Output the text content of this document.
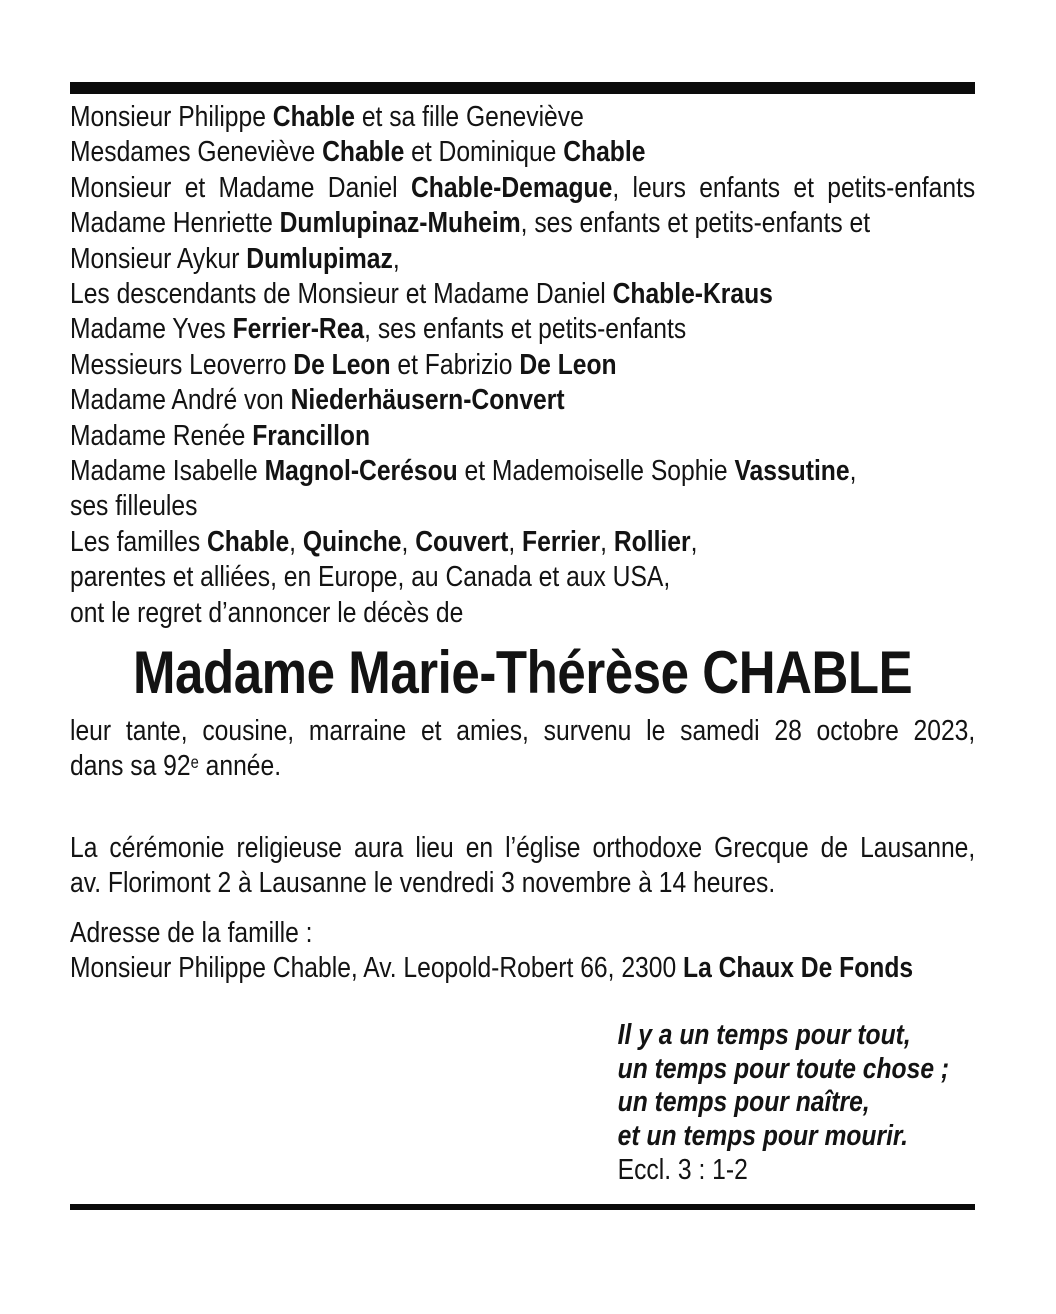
Monsieur Philippe Chable et sa fille Geneviève
Mesdames Geneviève Chable et Dominique Chable
Monsieur et Madame Daniel Chable-Demague, leurs enfants et petits-enfants
Madame Henriette Dumlupinaz-Muheim, ses enfants et petits-enfants et
Monsieur Aykur Dumlupimaz,
Les descendants de Monsieur et Madame Daniel Chable-Kraus
Madame Yves Ferrier-Rea, ses enfants et petits-enfants
Messieurs Leoverro De Leon et Fabrizio De Leon
Madame André von Niederhäusern-Convert
Madame Renée Francillon
Madame Isabelle Magnol-Cerésou et Mademoiselle Sophie Vassutine,
ses filleules
Les familles Chable, Quinche, Couvert, Ferrier, Rollier,
parentes et alliées, en Europe, au Canada et aux USA,
ont le regret d’annoncer le décès de
Madame Marie-Thérèse CHABLE
leur tante, cousine, marraine et amies, survenu le samedi 28 octobre 2023,
dans sa 92e année.
La cérémonie religieuse aura lieu en l’église orthodoxe Grecque de Lausanne,
av. Florimont 2 à Lausanne le vendredi 3 novembre à 14 heures.
Adresse de la famille :
Monsieur Philippe Chable, Av. Leopold-Robert 66, 2300 La Chaux De Fonds
Il y a un temps pour tout,
un temps pour toute chose ;
un temps pour naître,
et un temps pour mourir.
Eccl. 3 : 1-2
